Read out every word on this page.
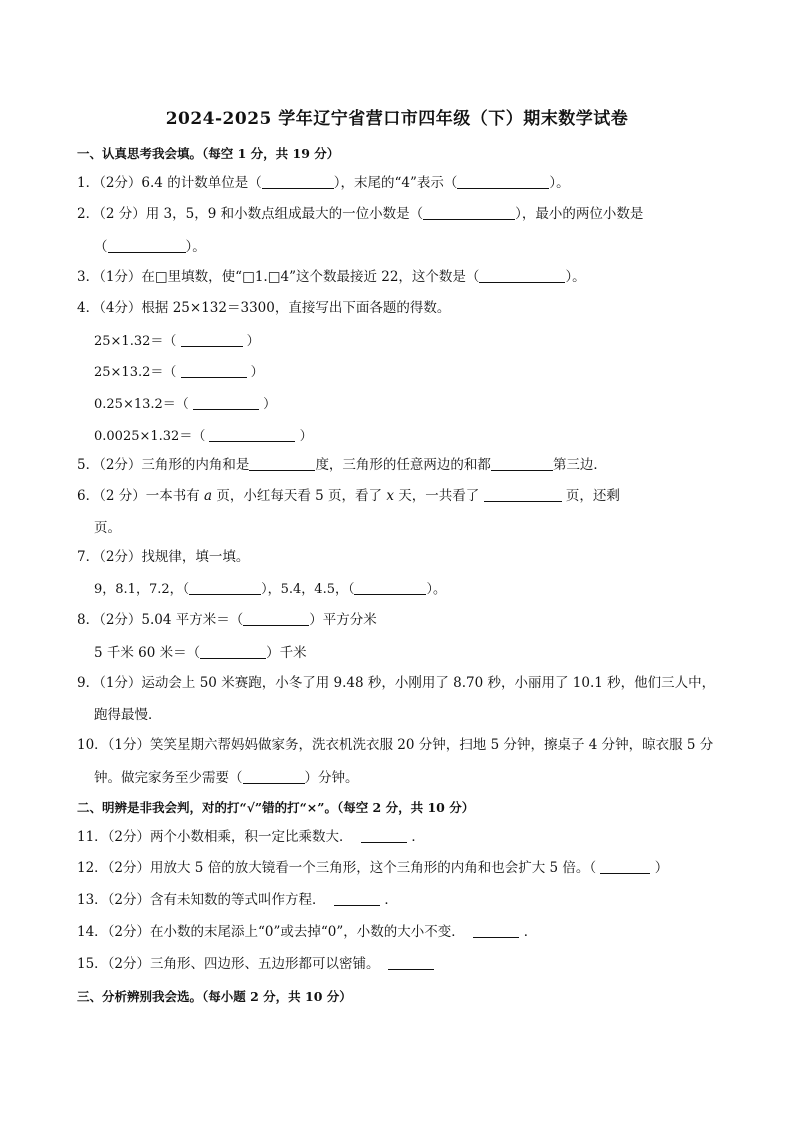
2024-2025 学年辽宁省营口市四年级（下）期末数学试卷
一、认真思考我会填。（每空 1 分，共 19 分）
1．（2分）6.4 的计数单位是（	），末尾的“4”表示（	）。
2．（2 分）用 3，5，9 和小数点组成最大的一位小数是（	），最小的两位小数是
（	）。
3．（1分）在□里填数，使“□1.□4”这个数最接近 22，这个数是（	）。
4．（4分）根据 25×132＝3300，直接写出下面各题的得数。
25×1.32＝（	）
25×13.2＝（	）
0.25×13.2＝（	）
0.0025×1.32＝（	）
5．（2分）三角形的内角和是	度，三角形的任意两边的和都	第三边．
6．（2 分）一本书有 a 页，小红每天看 5 页，看了 x 天，一共看了	页，还剩
页。
7．（2分）找规律，填一填。
9，8.1，7.2，（	），5.4，4.5，（	）。
8．（2分）5.04 平方米＝（	）平方分米
5 千米 60 米＝（	）千米
9．（1分）运动会上 50 米赛跑，小冬了用 9.48 秒，小刚用了 8.70 秒，小丽用了 10.1 秒，他们三人中，
跑得最慢．
10．（1分）笑笑星期六帮妈妈做家务，洗衣机洗衣服 20 分钟，扫地 5 分钟，擦桌子 4 分钟，晾衣服 5 分
钟。做完家务至少需要（	）分钟。
二、明辨是非我会判，对的打“√”错的打“×”。（每空 2 分，共 10 分）
11．（2分）两个小数相乘，积一定比乘数大．	．
12．（2分）用放大 5 倍的放大镜看一个三角形，这个三角形的内角和也会扩大 5 倍。（	）
13．（2分）含有未知数的等式叫作方程．	．
14．（2分）在小数的末尾添上“0”或去掉“0”，小数的大小不变．	．
15．（2分）三角形、四边形、五边形都可以密铺。
三、分析辨别我会选。（每小题 2 分，共 10 分）
